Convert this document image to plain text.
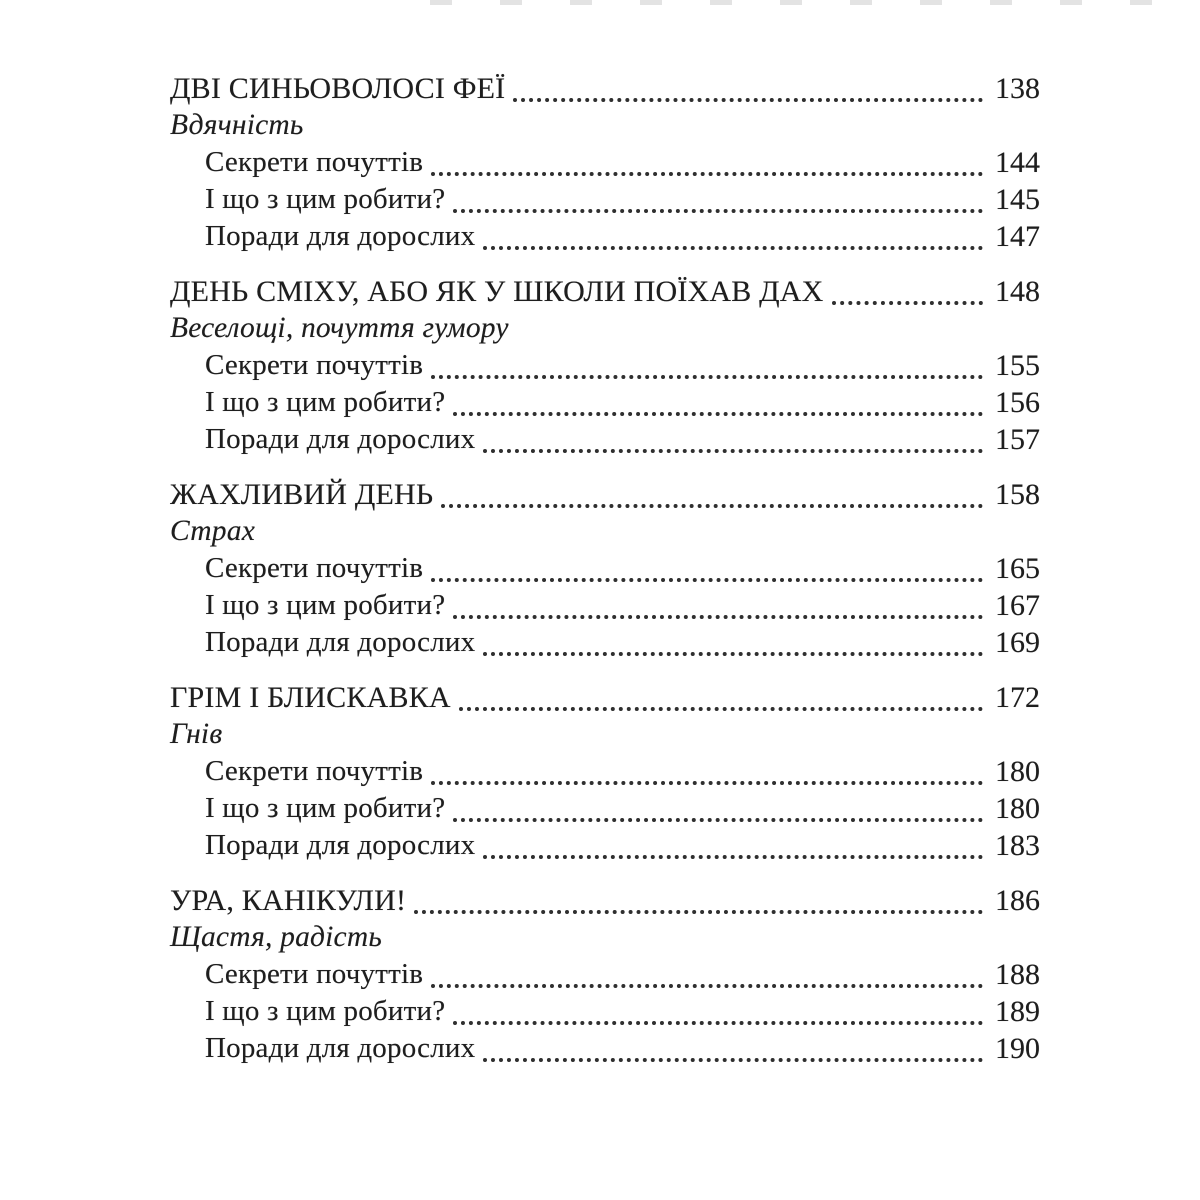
ДВІ СИНЬОВОЛОСІ ФЕЇ	138
Вдячність
Секрети почуттів	144
І що з цим робити?	145
Поради для дорослих	147
ДЕНЬ СМІХУ, АБО ЯК У ШКОЛИ ПОЇХАВ ДАХ	148
Веселощі, почуття гумору
Секрети почуттів	155
І що з цим робити?	156
Поради для дорослих	157
ЖАХЛИВИЙ ДЕНЬ	158
Страх
Секрети почуттів	165
І що з цим робити?	167
Поради для дорослих	169
ГРІМ І БЛИСКАВКА	172
Гнів
Секрети почуттів	180
І що з цим робити?	180
Поради для дорослих	183
УРА, КАНІКУЛИ!	186
Щастя, радість
Секрети почуттів	188
І що з цим робити?	189
Поради для дорослих	190
